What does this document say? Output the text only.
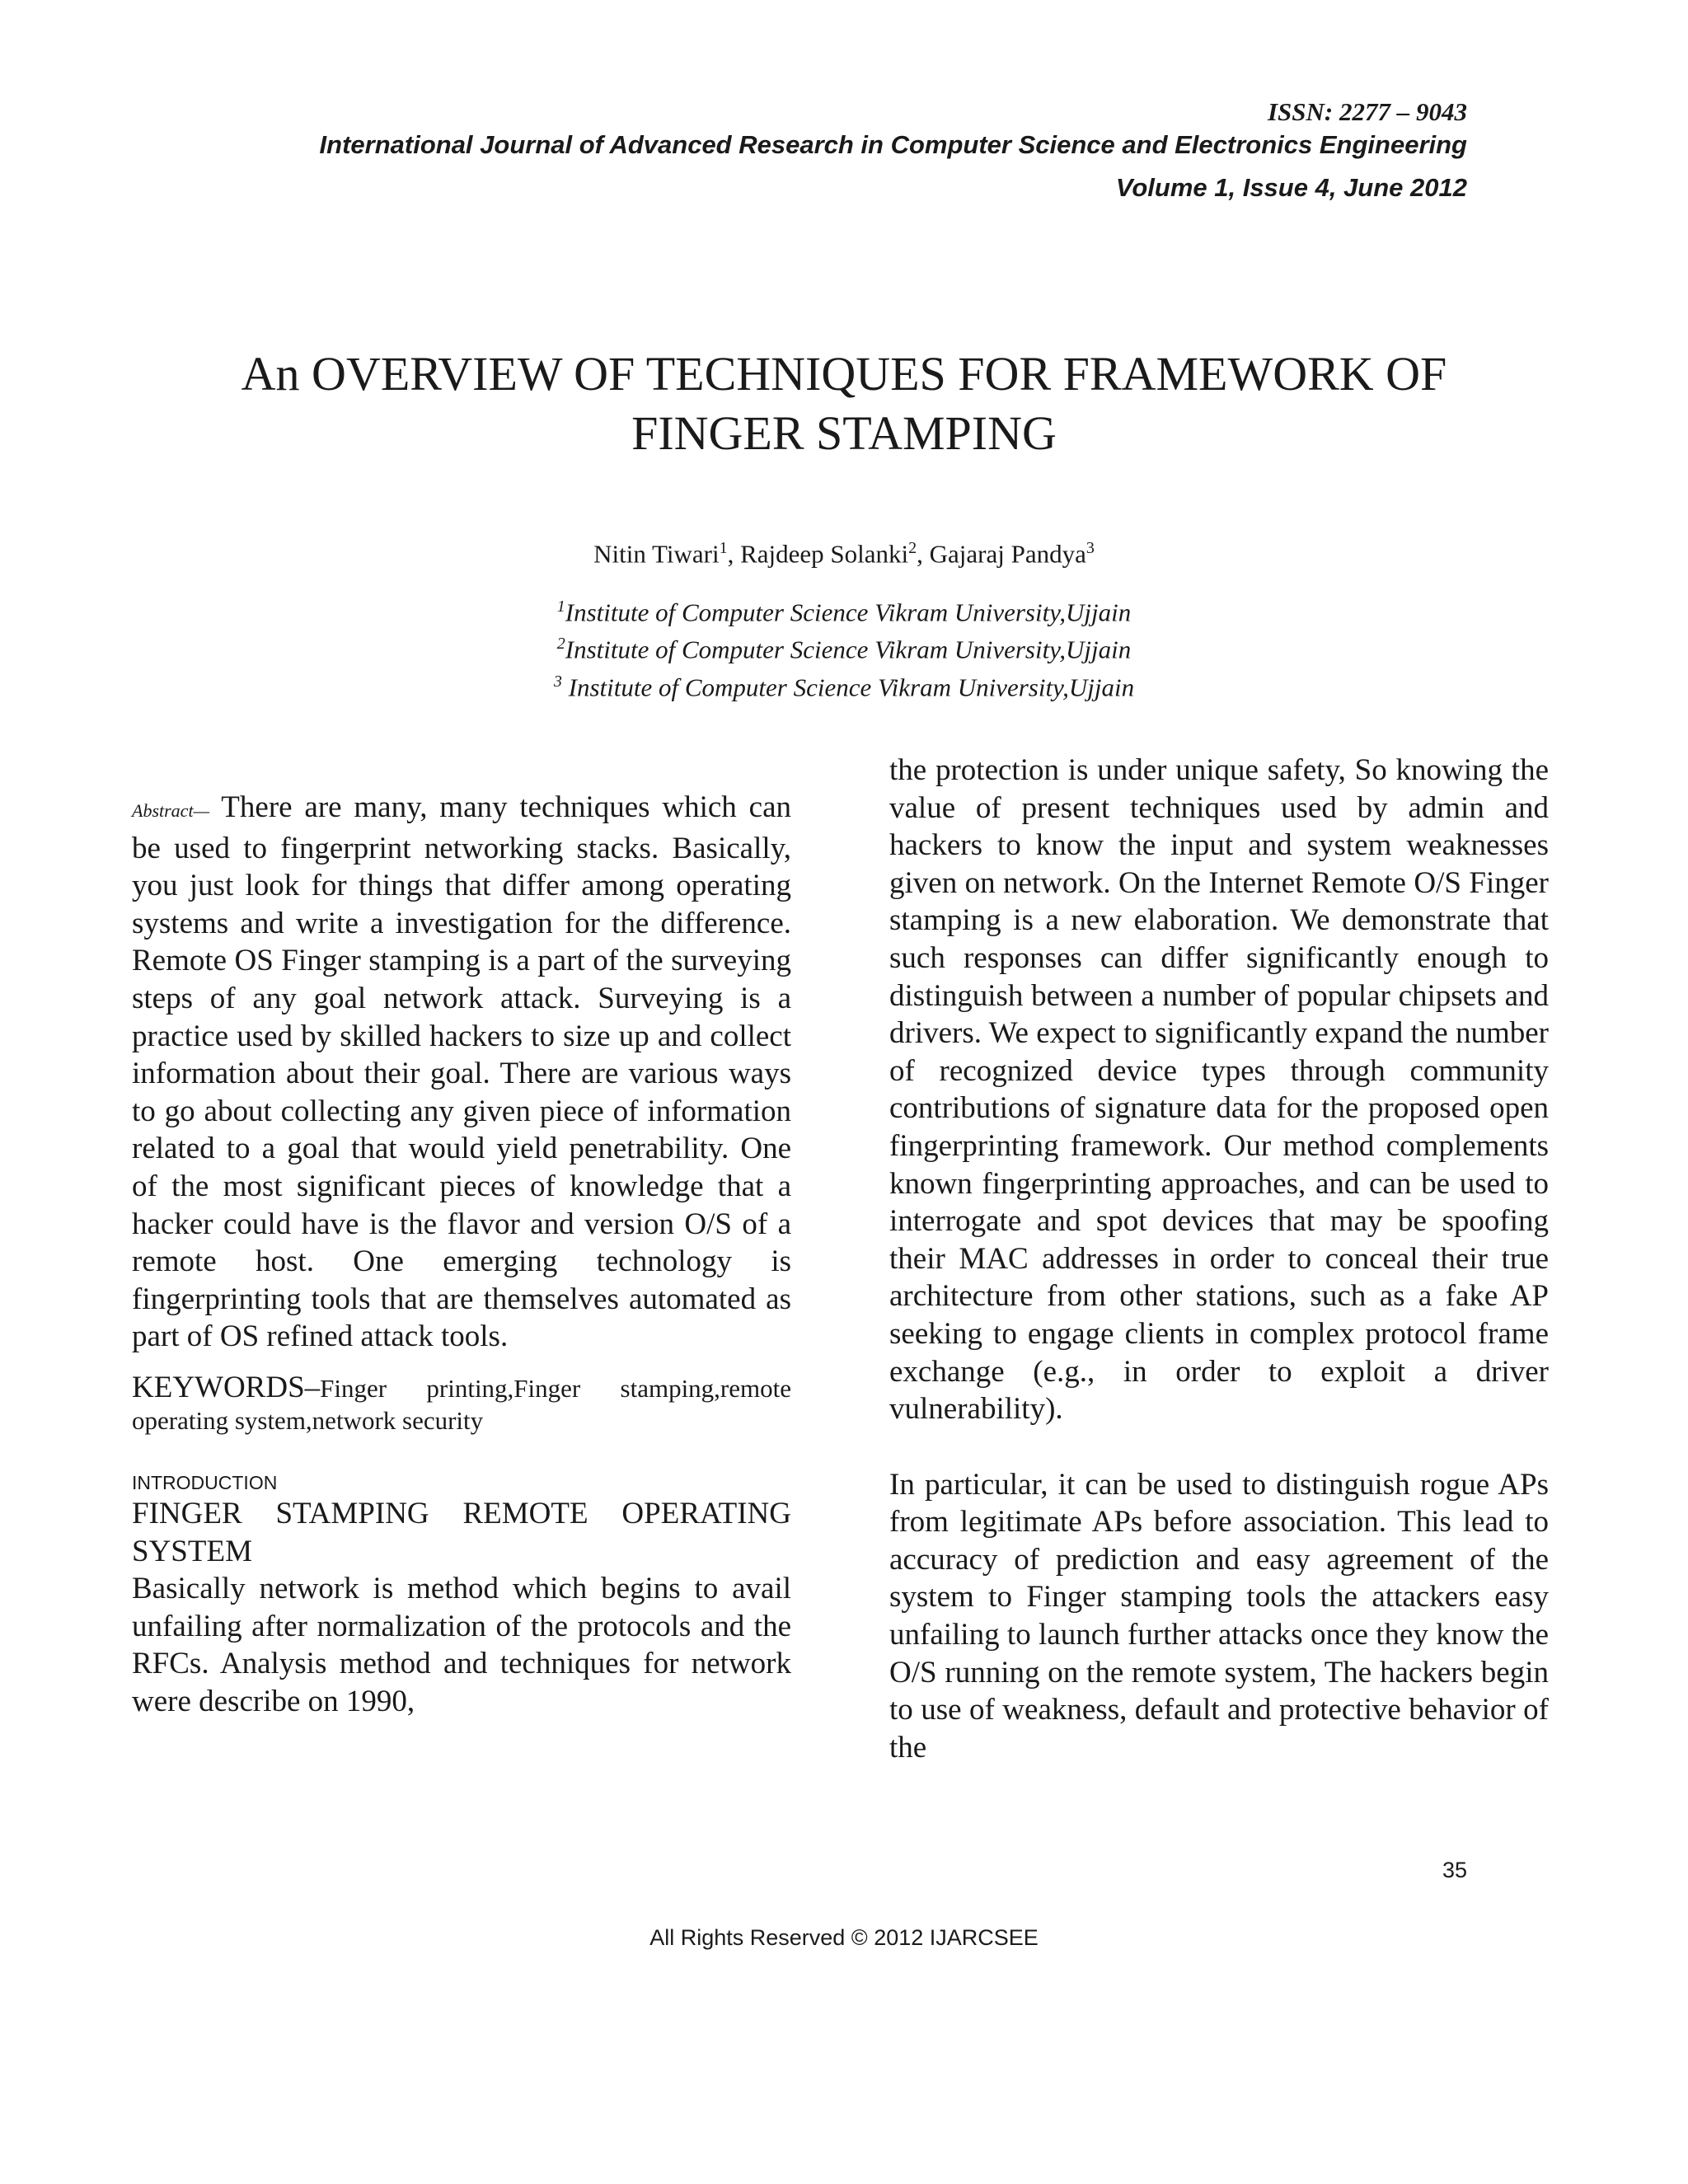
ISSN: 2277 – 9043
International Journal of Advanced Research in Computer Science and Electronics Engineering
Volume 1, Issue 4, June 2012
An OVERVIEW OF TECHNIQUES FOR FRAMEWORK OF
FINGER STAMPING
Nitin Tiwari$^1$, Rajdeep Solanki$^2$, Gajaraj Pandya$^3$
$^1$Institute of Computer Science Vikram University,Ujjain
$^2$Institute of Computer Science Vikram University,Ujjain
$^3$ Institute of Computer Science Vikram University,Ujjain

Abstract— There are many, many techniques which can be used to fingerprint networking stacks. Basically, you just look for things that differ among operating systems and write a investigation for the difference. Remote OS Finger stamping is a part of the surveying steps of any goal network attack. Surveying is a practice used by skilled hackers to size up and collect information about their goal. There are various ways to go about collecting any given piece of information related to a goal that would yield penetrability. One of the most significant pieces of knowledge that a hacker could have is the flavor and version O/S of a remote host. One emerging technology is fingerprinting tools that are themselves automated as part of OS refined attack tools.

KEYWORDS–Finger printing,Finger stamping,remote operating system,network security

INTRODUCTION

FINGER STAMPING REMOTE OPERATING SYSTEM

Basically network is method which begins to avail unfailing after normalization of the protocols and the RFCs. Analysis method and techniques for network were describe on 1990,

the protection is under unique safety, So knowing the value of present techniques used by admin and hackers to know the input and system weaknesses given on network. On the Internet Remote O/S Finger stamping is a new elaboration. We demonstrate that such responses can differ significantly enough to distinguish between a number of popular chipsets and drivers. We expect to significantly expand the number of recognized device types through community contributions of signature data for the proposed open fingerprinting framework. Our method complements known fingerprinting approaches, and can be used to interrogate and spot devices that may be spoofing their MAC addresses in order to conceal their true architecture from other stations, such as a fake AP seeking to engage clients in complex protocol frame exchange (e.g., in order to exploit a driver vulnerability).

In particular, it can be used to distinguish rogue APs from legitimate APs before association. This lead to accuracy of prediction and easy agreement of the system to Finger stamping tools the attackers easy unfailing to launch further attacks once they know the O/S running on the remote system, The hackers begin to use of weakness, default and protective behavior of the

35
All Rights Reserved © 2012 IJARCSEE
